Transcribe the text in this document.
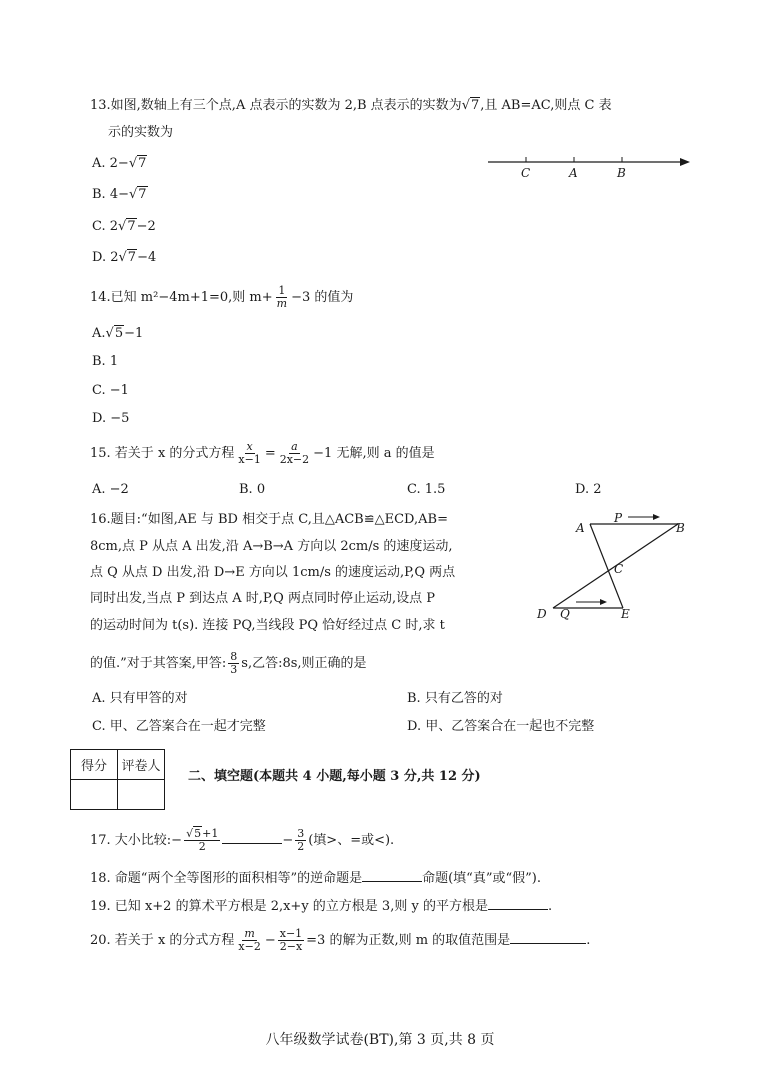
13.如图,数轴上有三个点,A 点表示的实数为 2,B 点表示的实数为√7,且 AB=AC,则点 C 表
示的实数为
A. 2−√7
B. 4−√7
C. 2√7−2
D. 2√7−4
C	A	B
14.已知 m²−4m+1=0,则 $m+ \frac{1}{m} -3$ 的值为
A.√5−1
B. 1
C. −1
D. −5
15. 若关于 x 的分式方程 $\frac{x}{x-1} = \frac{a}{2x-2} -1$ 无解,则 a 的值是
A. −2	B. 0	C. 1.5	D. 2
16.题目:“如图,AE 与 BD 相交于点 C,且△ACB≌△ECD,AB=
8cm,点 P 从点 A 出发,沿 A→B→A 方向以 2cm/s 的速度运动,
点 Q 从点 D 出发,沿 D→E 方向以 1cm/s 的速度运动,P,Q 两点
同时出发,当点 P 到达点 A 时,P,Q 两点同时停止运动,设点 P
的运动时间为 t(s). 连接 PQ,当线段 PQ 恰好经过点 C 时,求 t
的值.”对于其答案,甲答: $\frac{8}{3} s$,乙答:8s,则正确的是
A. 只有甲答的对	B. 只有乙答的对
C. 甲、乙答案合在一起才完整	D. 甲、乙答案合在一起也不完整
A
P
B
C
D Q	E
得分	评卷人

二、填空题(本题共 4 小题,每小题 3 分,共 12 分)
17. 大小比较:− $\frac{√5+1}{2}$	− $\frac{3}{2}$ (填>、=或<).
18. 命题“两个全等图形的面积相等”的逆命题是	命题(填“真”或“假”).
19. 已知 x+2 的算术平方根是 2,x+y 的立方根是 3,则 y 的平方根是	.
20. 若关于 x 的分式方程 $\frac{m}{x-2} - \frac{x-1}{2-x} =3$ 的解为正数,则 m 的取值范围是	.
八年级数学试卷(BT),第 3 页,共 8 页
